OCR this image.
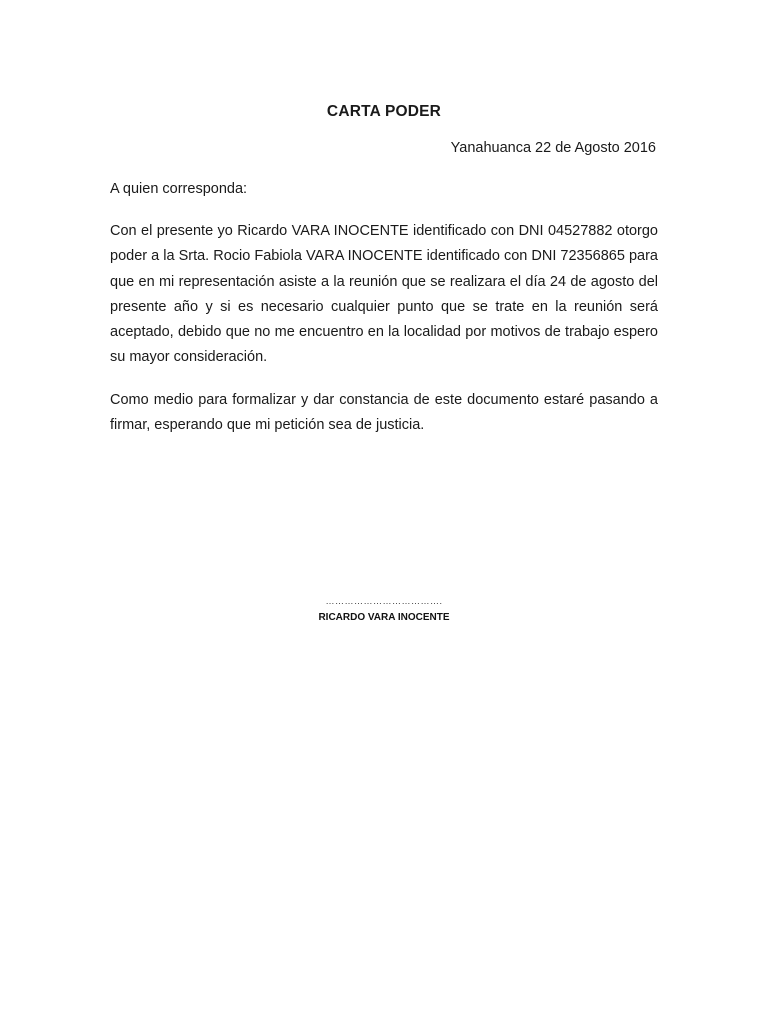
CARTA PODER
Yanahuanca 22 de Agosto 2016
A quien corresponda:
Con el presente yo Ricardo VARA INOCENTE identificado con DNI 04527882 otorgo poder a la Srta. Rocio Fabiola VARA INOCENTE identificado con DNI 72356865 para que en mi representación asiste a la reunión que se realizara el día 24 de agosto del presente año y si es necesario cualquier punto que se trate en la reunión será aceptado, debido que no me encuentro en la localidad por motivos de trabajo espero su mayor consideración.
Como medio para formalizar y dar constancia de este documento estaré pasando a firmar, esperando que mi petición sea de justicia.
……………………………….
RICARDO VARA INOCENTE
